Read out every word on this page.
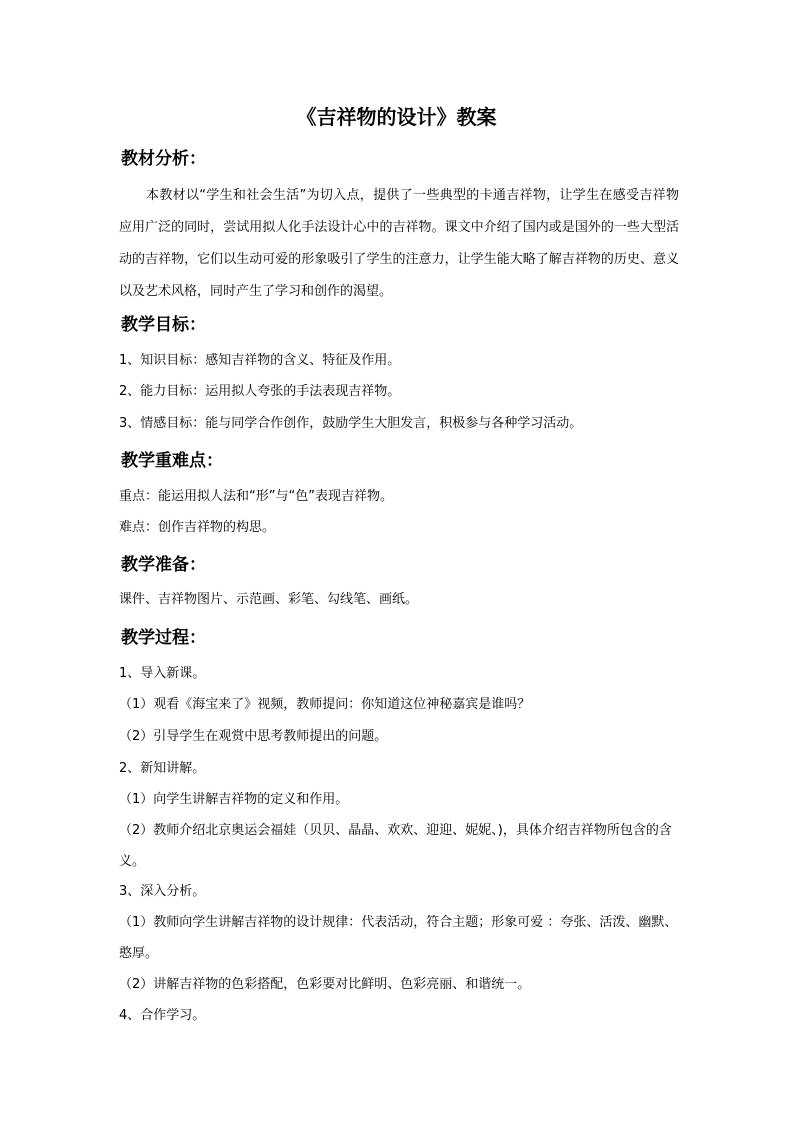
《吉祥物的设计》教案
教材分析：
本教材以“学生和社会生活”为切入点，提供了一些典型的卡通吉祥物，让学生在感受吉祥物应用广泛的同时，尝试用拟人化手法设计心中的吉祥物。课文中介绍了国内或是国外的一些大型活动的吉祥物，它们以生动可爱的形象吸引了学生的注意力，让学生能大略了解吉祥物的历史、意义以及艺术风格，同时产生了学习和创作的渴望。
教学目标：
1、知识目标：感知吉祥物的含义、特征及作用。
2、能力目标：运用拟人夸张的手法表现吉祥物。
3、情感目标：能与同学合作创作，鼓励学生大胆发言，积极参与各种学习活动。
教学重难点：
重点：能运用拟人法和“形”与“色”表现吉祥物。
难点：创作吉祥物的构思。
教学准备：
课件、吉祥物图片、示范画、彩笔、勾线笔、画纸。
教学过程：
1、导入新课。
（1）观看《海宝来了》视频，教师提问：你知道这位神秘嘉宾是谁吗？
（2）引导学生在观赏中思考教师提出的问题。
2、新知讲解。
（1）向学生讲解吉祥物的定义和作用。
（2）教师介绍北京奥运会福娃（贝贝、晶晶、欢欢、迎迎、妮妮、)，具体介绍吉祥物所包含的含义。
3、深入分析。
（1）教师向学生讲解吉祥物的设计规律：代表活动，符合主题；形象可爱 ：夸张、活泼、幽默、憨厚。
（2）讲解吉祥物的色彩搭配，色彩要对比鲜明、色彩亮丽、和谐统一。
4、合作学习。
